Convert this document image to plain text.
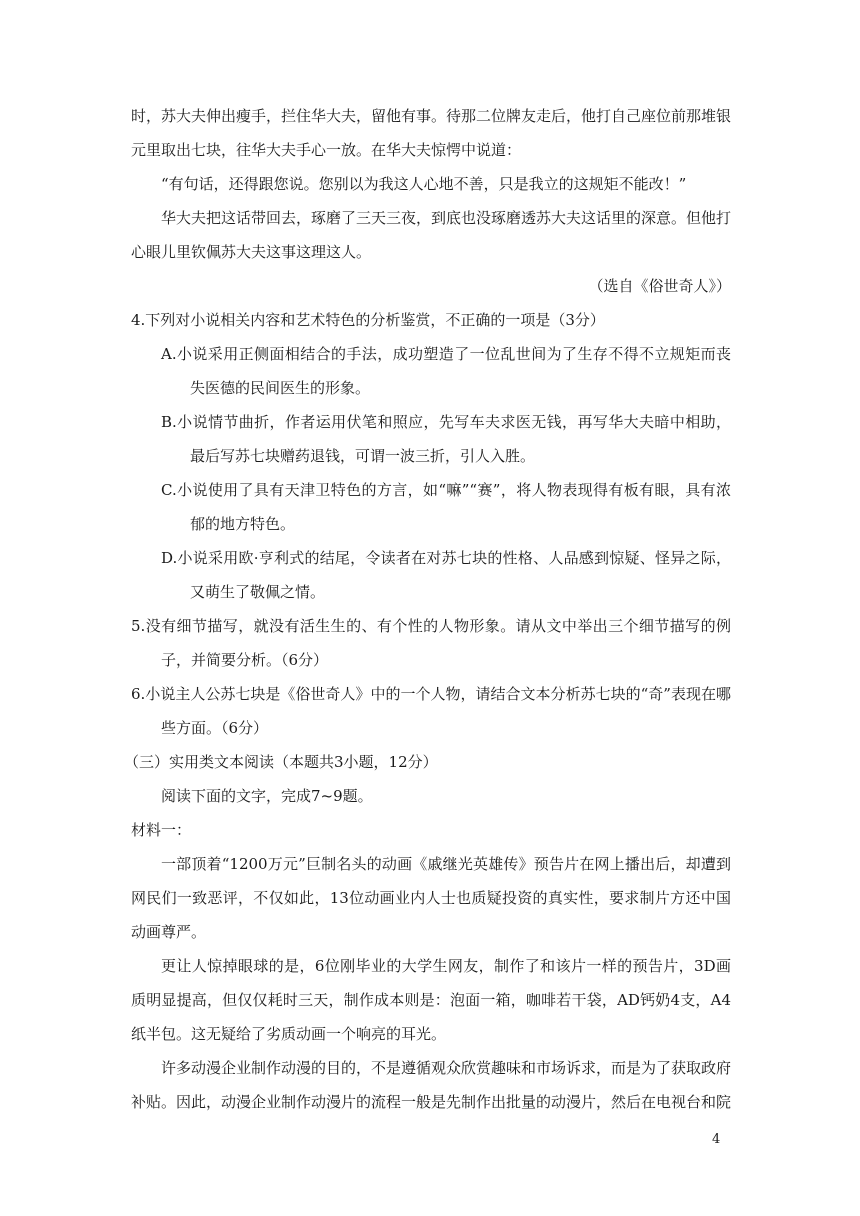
时，苏大夫伸出瘦手，拦住华大夫，留他有事。待那二位牌友走后，他打自己座位前那堆银元里取出七块，往华大夫手心一放。在华大夫惊愕中说道：

“有句话，还得跟您说。您别以为我这人心地不善，只是我立的这规矩不能改！”

华大夫把这话带回去，琢磨了三天三夜，到底也没琢磨透苏大夫这话里的深意。但他打心眼儿里钦佩苏大夫这事这理这人。

（选自《俗世奇人》）

4.下列对小说相关内容和艺术特色的分析鉴赏，不正确的一项是（3分）

A.小说采用正侧面相结合的手法，成功塑造了一位乱世间为了生存不得不立规矩而丧失医德的民间医生的形象。

B.小说情节曲折，作者运用伏笔和照应，先写车夫求医无钱，再写华大夫暗中相助，最后写苏七块赠药退钱，可谓一波三折，引人入胜。

C.小说使用了具有天津卫特色的方言，如“嘛”“赛”，将人物表现得有板有眼，具有浓郁的地方特色。

D.小说采用欧·亨利式的结尾，令读者在对苏七块的性格、人品感到惊疑、怪异之际，又萌生了敬佩之情。

5.没有细节描写，就没有活生生的、有个性的人物形象。请从文中举出三个细节描写的例子，并简要分析。（6分）

6.小说主人公苏七块是《俗世奇人》中的一个人物，请结合文本分析苏七块的“奇”表现在哪些方面。（6分）

（三）实用类文本阅读（本题共3小题，12分）

阅读下面的文字，完成7~9题。

材料一：

一部顶着“1200万元”巨制名头的动画《戚继光英雄传》预告片在网上播出后，却遭到网民们一致恶评，不仅如此，13位动画业内人士也质疑投资的真实性，要求制片方还中国动画尊严。

更让人惊掉眼球的是，6位刚毕业的大学生网友，制作了和该片一样的预告片，3D画质明显提高，但仅仅耗时三天，制作成本则是：泡面一箱，咖啡若干袋，AD钙奶4支，A4纸半包。这无疑给了劣质动画一个响亮的耳光。

许多动漫企业制作动漫的目的，不是遵循观众欣赏趣味和市场诉求，而是为了获取政府补贴。因此，动漫企业制作动漫片的流程一般是先制作出批量的动漫片，然后在电视台和院

4
